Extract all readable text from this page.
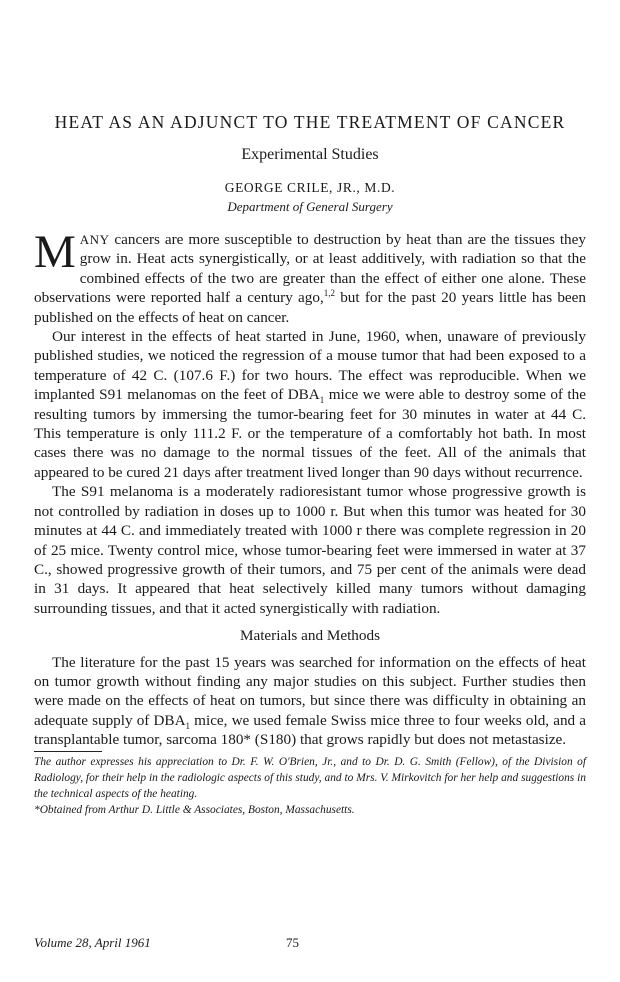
HEAT AS AN ADJUNCT TO THE TREATMENT OF CANCER
Experimental Studies
GEORGE CRILE, JR., M.D.
Department of General Surgery

MANY cancers are more susceptible to destruction by heat than are the tissues they grow in. Heat acts synergistically, or at least additively, with radiation so that the combined effects of the two are greater than the effect of either one alone. These observations were reported half a century ago,$^{1,2}$ but for the past 20 years little has been published on the effects of heat on cancer.

Our interest in the effects of heat started in June, 1960, when, unaware of previously published studies, we noticed the regression of a mouse tumor that had been exposed to a temperature of 42 C. (107.6 F.) for two hours. The effect was reproducible. When we implanted S91 melanomas on the feet of $DBA_1$ mice we were able to destroy some of the resulting tumors by immersing the tumor-bearing feet for 30 minutes in water at 44 C. This temperature is only 111.2 F. or the temperature of a comfortably hot bath. In most cases there was no damage to the normal tissues of the feet. All of the animals that appeared to be cured 21 days after treatment lived longer than 90 days without recurrence.

The S91 melanoma is a moderately radioresistant tumor whose progressive growth is not controlled by radiation in doses up to 1000 r. But when this tumor was heated for 30 minutes at 44 C. and immediately treated with 1000 r there was complete regression in 20 of 25 mice. Twenty control mice, whose tumor-bearing feet were immersed in water at 37 C., showed progressive growth of their tumors, and 75 per cent of the animals were dead in 31 days. It appeared that heat selectively killed many tumors without damaging surrounding tissues, and that it acted synergistically with radiation.

Materials and Methods

The literature for the past 15 years was searched for information on the effects of heat on tumor growth without finding any major studies on this subject. Further studies then were made on the effects of heat on tumors, but since there was difficulty in obtaining an adequate supply of $DBA_1$ mice, we used female Swiss mice three to four weeks old, and a transplantable tumor, sarcoma 180* (S180) that grows rapidly but does not metastasize.

The author expresses his appreciation to Dr. F. W. O'Brien, Jr., and to Dr. D. G. Smith (Fellow), of the Division of Radiology, for their help in the radiologic aspects of this study, and to Mrs. V. Mirkovitch for her help and suggestions in the technical aspects of the heating.

*Obtained from Arthur D. Little & Associates, Boston, Massachusetts.

Volume 28, April 1961	75
